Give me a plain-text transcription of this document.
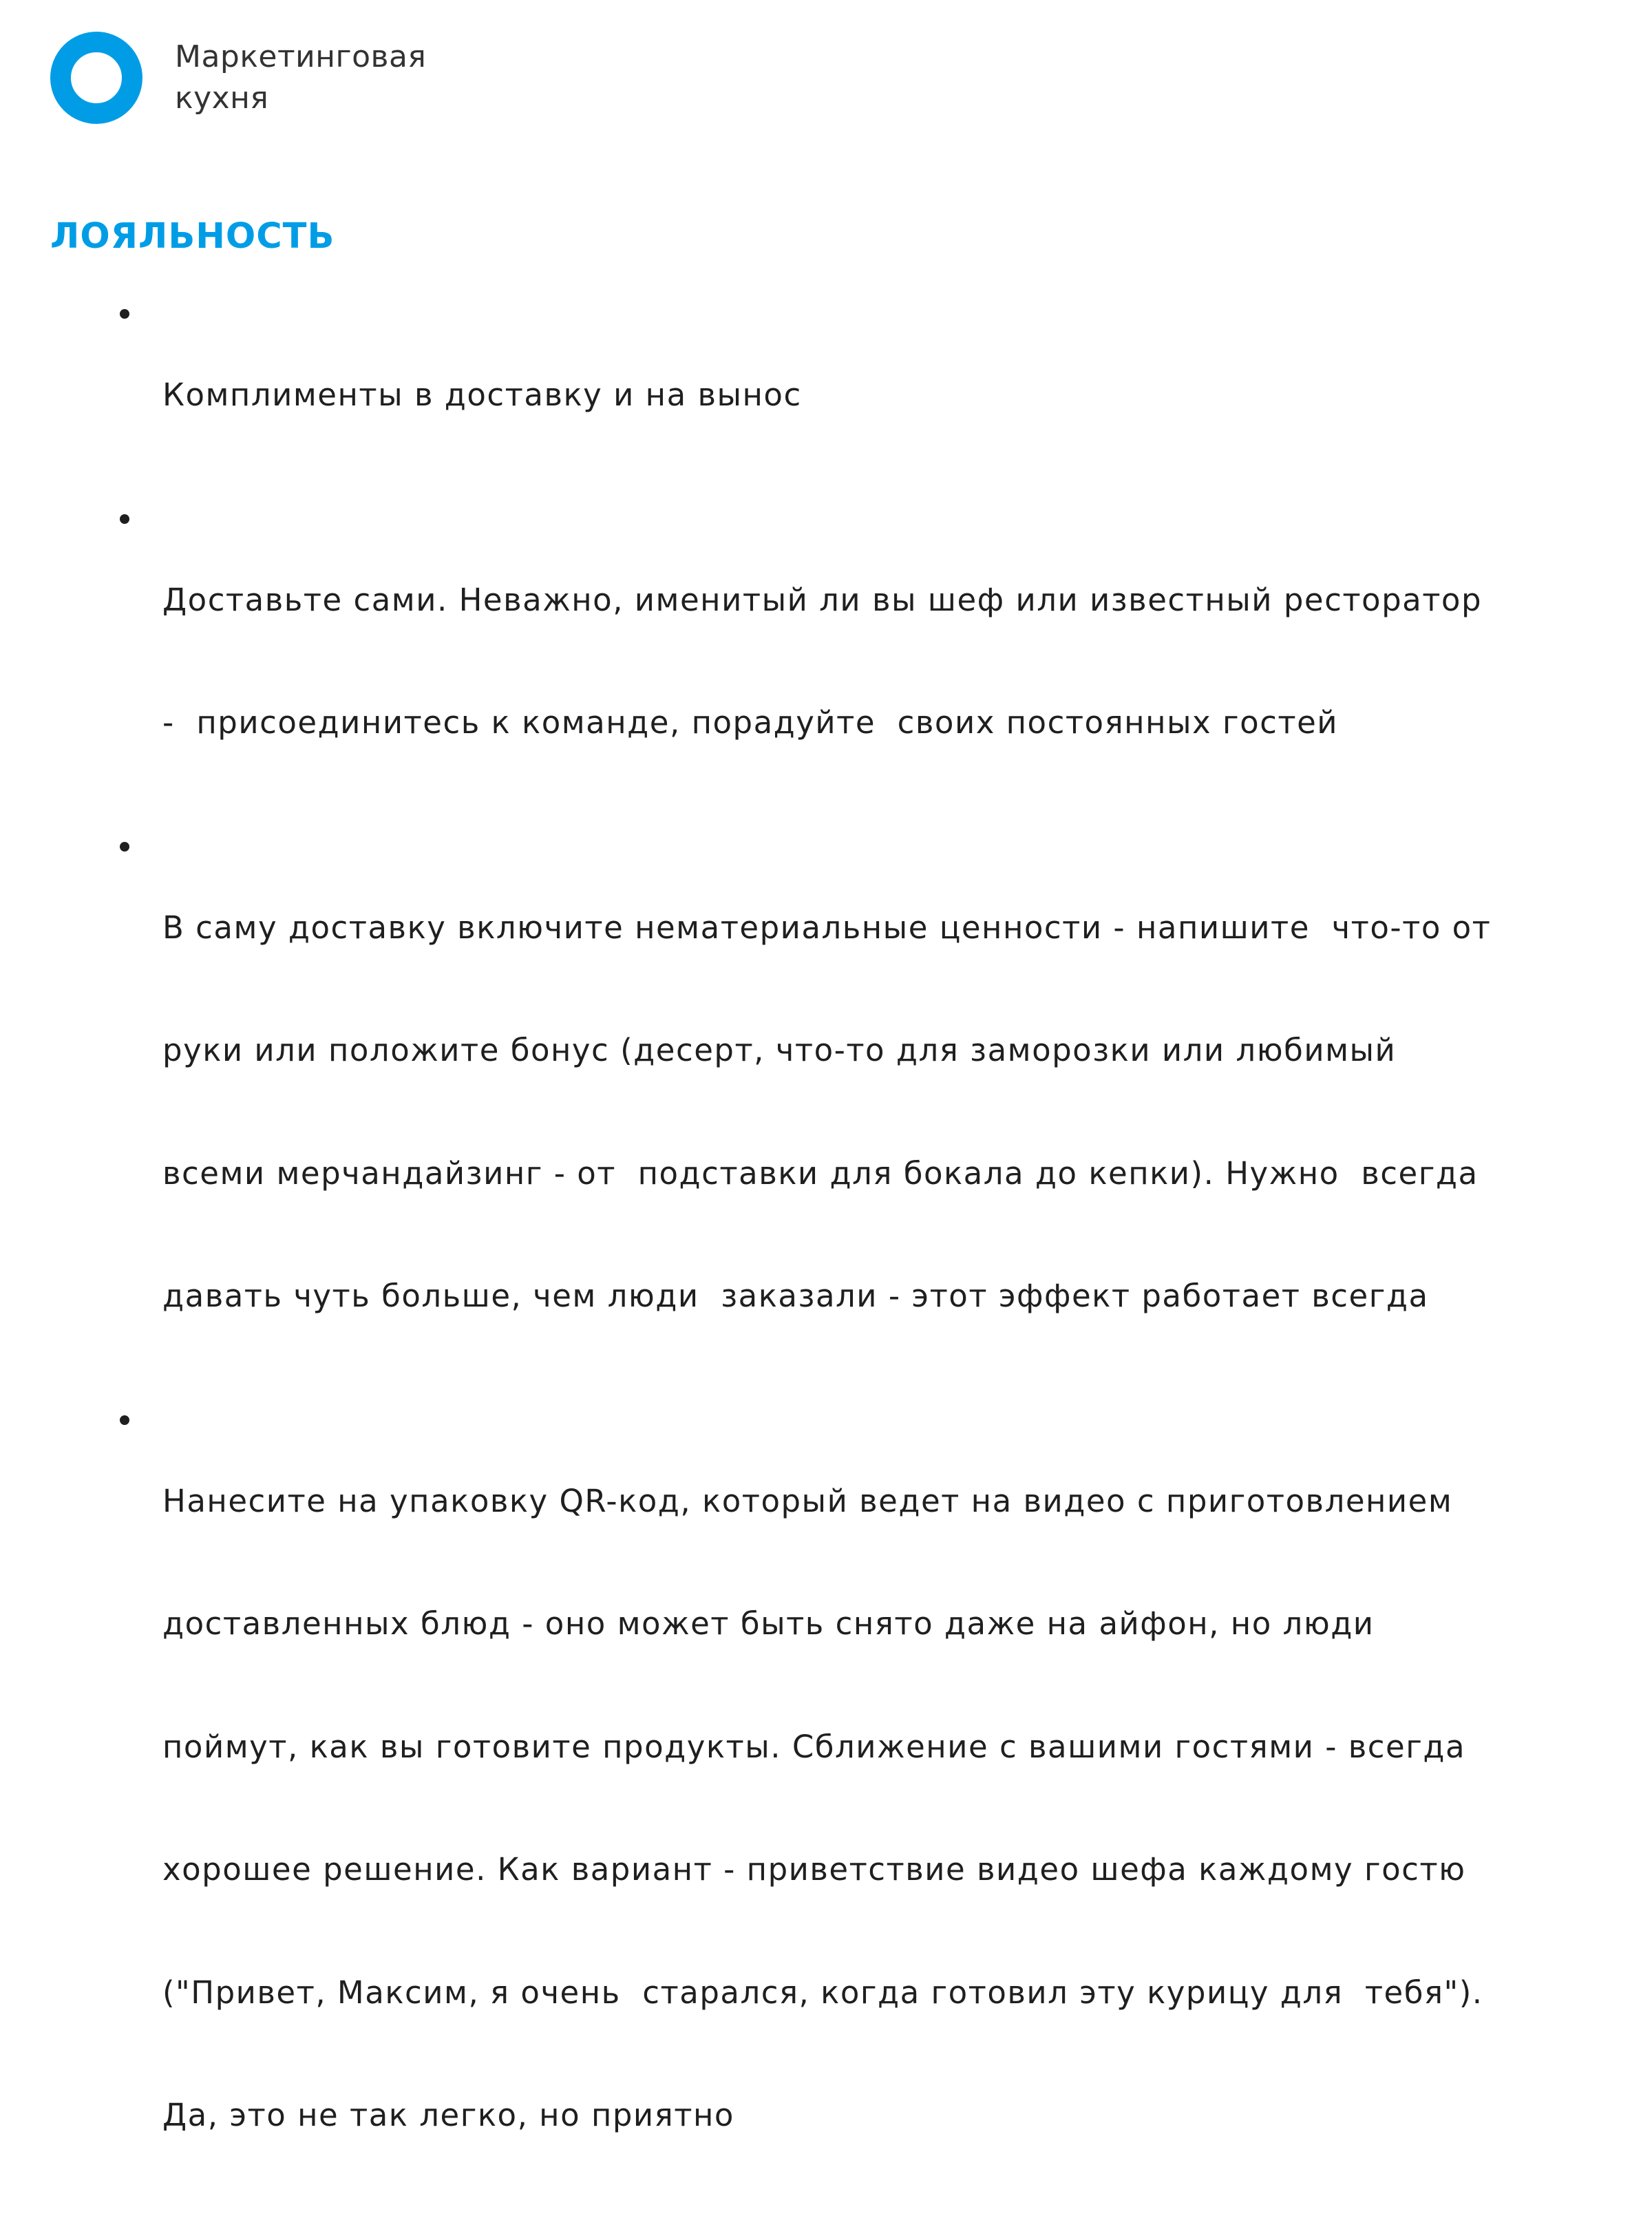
Маркетинговая
кухня
ЛОЯЛЬНОСТЬ

Комплименты в доставку и на вынос

Доставьте сами. Неважно, именитый ли вы шеф или известный ресторатор

-  присоединитесь к команде, порадуйте  своих постоянных гостей

В саму доставку включите нематериальные ценности - напишите  что-то от

руки или положите бонус (десерт, что-то для заморозки или любимый

всеми мерчандайзинг - от  подставки для бокала до кепки). Нужно  всегда

давать чуть больше, чем люди  заказали - этот эффект работает всегда

Нанесите на упаковку QR-код, который ведет на видео с приготовлением

доставленных блюд - оно может быть снято даже на айфон, но люди

поймут, как вы готовите продукты. Сближение с вашими гостями - всегда

хорошее решение. Как вариант - приветствие видео шефа каждому гостю

("Привет, Максим, я очень  старался, когда готовил эту курицу для  тебя").

Да, это не так легко, но приятно
